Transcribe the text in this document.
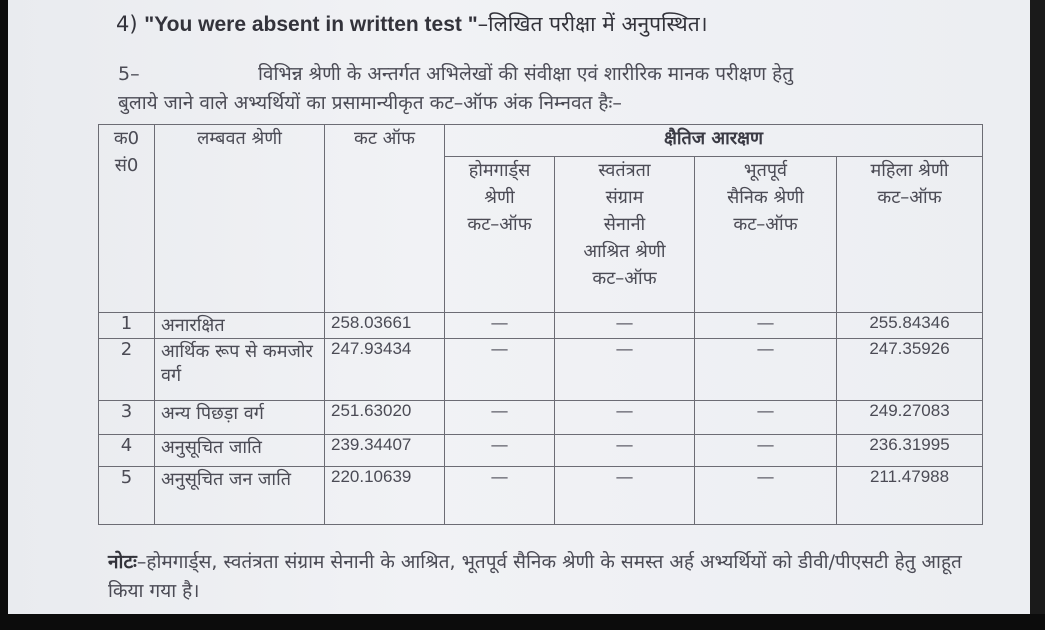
4) "You were absent in written test "–लिखित परीक्षा में अनुपस्थित।
5–	विभिन्न श्रेणी के अन्तर्गत अभिलेखों की संवीक्षा एवं शारीरिक मानक परीक्षण हेतु
बुलाये जाने वाले अभ्यर्थियों का प्रसामान्यीकृत कट–ऑफ अंक निम्नवत हैः–
क0
सं0	लम्बवत श्रेणी	कट ऑफ	क्षैतिज आरक्षण			
			होमगार्ड्स
श्रेणी
कट–ऑफ	स्वतंत्रता
संग्राम
सेनानी
आश्रित श्रेणी
कट–ऑफ	भूतपूर्व
सैनिक श्रेणी
कट–ऑफ	महिला श्रेणी
कट–ऑफ
1	अनारक्षित	258.03661	—	—	—	255.84346
2	आर्थिक रूप से कमजोर वर्ग	247.93434	—	—	—	247.35926
3	अन्य पिछड़ा वर्ग	251.63020	—	—	—	249.27083
4	अनुसूचित जाति	239.34407	—	—	—	236.31995
5	अनुसूचित जन जाति	220.10639	—	—	—	211.47988
नोटः–होमगार्ड्स, स्वतंत्रता संग्राम सेनानी के आश्रित, भूतपूर्व सैनिक श्रेणी के समस्त अर्ह अभ्यर्थियों को डीवी/पीएसटी हेतु आहूत किया गया है।
